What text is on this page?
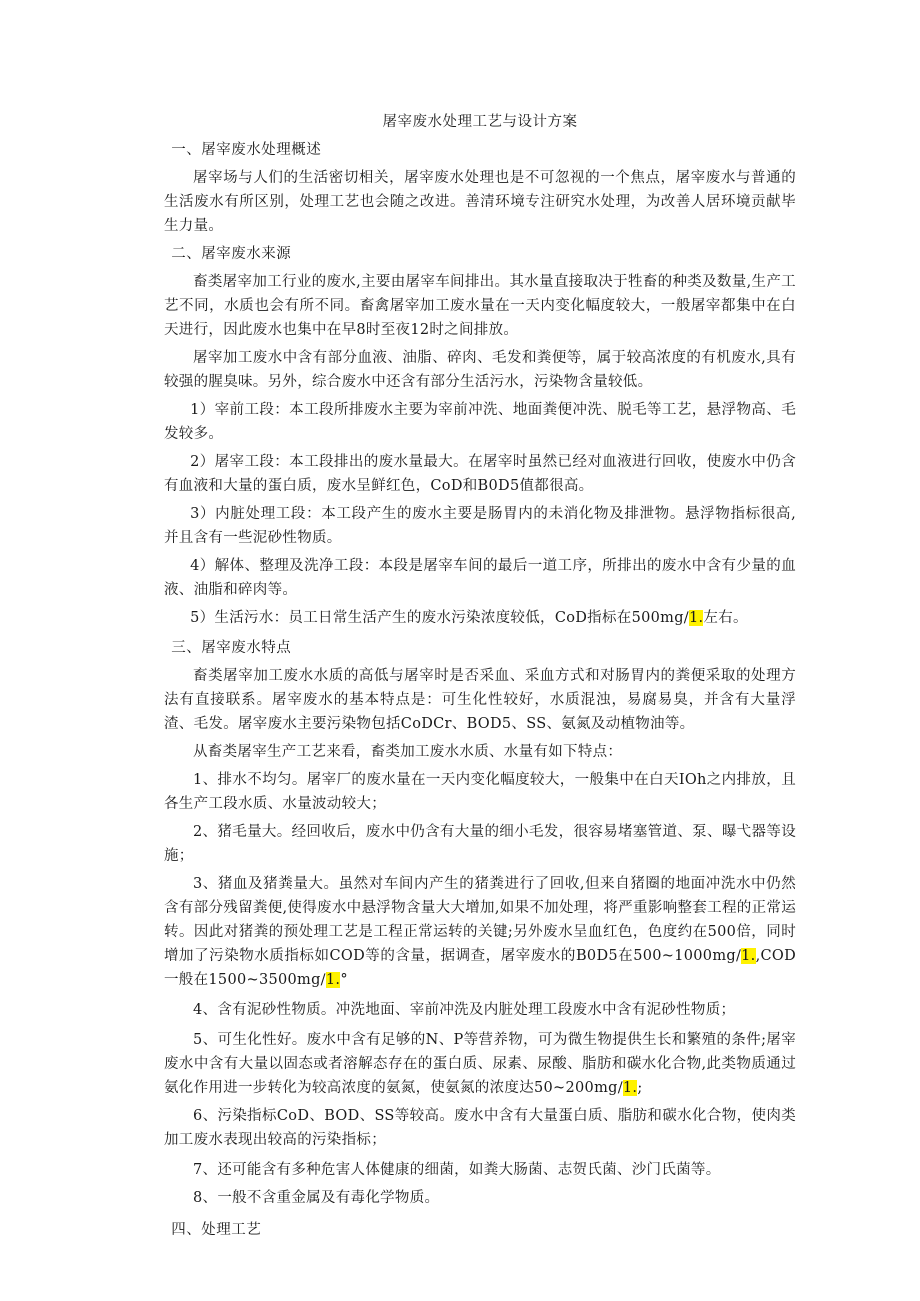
屠宰废水处理工艺与设计方案
一、屠宰废水处理概述
屠宰场与人们的生活密切相关，屠宰废水处理也是不可忽视的一个焦点，屠宰废水与普通的生活废水有所区别，处理工艺也会随之改进。善清环境专注研究水处理，为改善人居环境贡献毕生力量。
二、屠宰废水来源
畜类屠宰加工行业的废水,主要由屠宰车间排出。其水量直接取决于牲畜的种类及数量,生产工艺不同，水质也会有所不同。畜禽屠宰加工废水量在一天内变化幅度较大，一般屠宰都集中在白天进行，因此废水也集中在早8时至夜12时之间排放。
屠宰加工废水中含有部分血液、油脂、碎肉、毛发和粪便等，属于较高浓度的有机废水,具有较强的腥臭味。另外，综合废水中还含有部分生活污水，污染物含量较低。
1）宰前工段：本工段所排废水主要为宰前冲洗、地面粪便冲洗、脱毛等工艺，悬浮物高、毛发较多。
2）屠宰工段：本工段排出的废水量最大。在屠宰时虽然已经对血液进行回收，使废水中仍含有血液和大量的蛋白质，废水呈鲜红色，CoD和B0D5值都很高。
3）内脏处理工段：本工段产生的废水主要是肠胃内的未消化物及排泄物。悬浮物指标很高,并且含有一些泥砂性物质。
4）解体、整理及洗净工段：本段是屠宰车间的最后一道工序，所排出的废水中含有少量的血液、油脂和碎肉等。
5）生活污水：员工日常生活产生的废水污染浓度较低，CoD指标在500mg∕1.左右。
三、屠宰废水特点
畜类屠宰加工废水水质的高低与屠宰时是否采血、采血方式和对肠胃内的粪便采取的处理方法有直接联系。屠宰废水的基本特点是：可生化性较好，水质混浊，易腐易臭，并含有大量浮渣、毛发。屠宰废水主要污染物包括CoDCr、BOD5、SS、氨氮及动植物油等。
从畜类屠宰生产工艺来看，畜类加工废水水质、水量有如下特点：
1、排水不均匀。屠宰厂的废水量在一天内变化幅度较大，一般集中在白天IOh之内排放，且各生产工段水质、水量波动较大；
2、猪毛量大。经回收后，废水中仍含有大量的细小毛发，很容易堵塞管道、泵、曝弋器等设施；
3、猪血及猪粪量大。虽然对车间内产生的猪粪进行了回收,但来自猪圈的地面冲洗水中仍然含有部分残留粪便,使得废水中悬浮物含量大大增加,如果不加处理，将严重影响整套工程的正常运转。因此对猪粪的预处理工艺是工程正常运转的关键;另外废水呈血红色，色度约在500倍，同时增加了污染物水质指标如COD等的含量，据调查，屠宰废水的B0D5在500~1000mg∕1.,COD一般在1500~3500mg∕1.°
4、含有泥砂性物质。冲洗地面、宰前冲洗及内脏处理工段废水中含有泥砂性物质；
5、可生化性好。废水中含有足够的N、P等营养物，可为微生物提供生长和繁殖的条件;屠宰废水中含有大量以固态或者溶解态存在的蛋白质、尿素、尿酸、脂肪和碳水化合物,此类物质通过氨化作用进一步转化为较高浓度的氨氮，使氨氮的浓度达50~200mg∕1.;
6、污染指标CoD、BOD、SS等较高。废水中含有大量蛋白质、脂肪和碳水化合物，使肉类加工废水表现出较高的污染指标；
7、还可能含有多种危害人体健康的细菌，如粪大肠菌、志贺氏菌、沙门氏菌等。
8、一般不含重金属及有毒化学物质。
四、处理工艺
